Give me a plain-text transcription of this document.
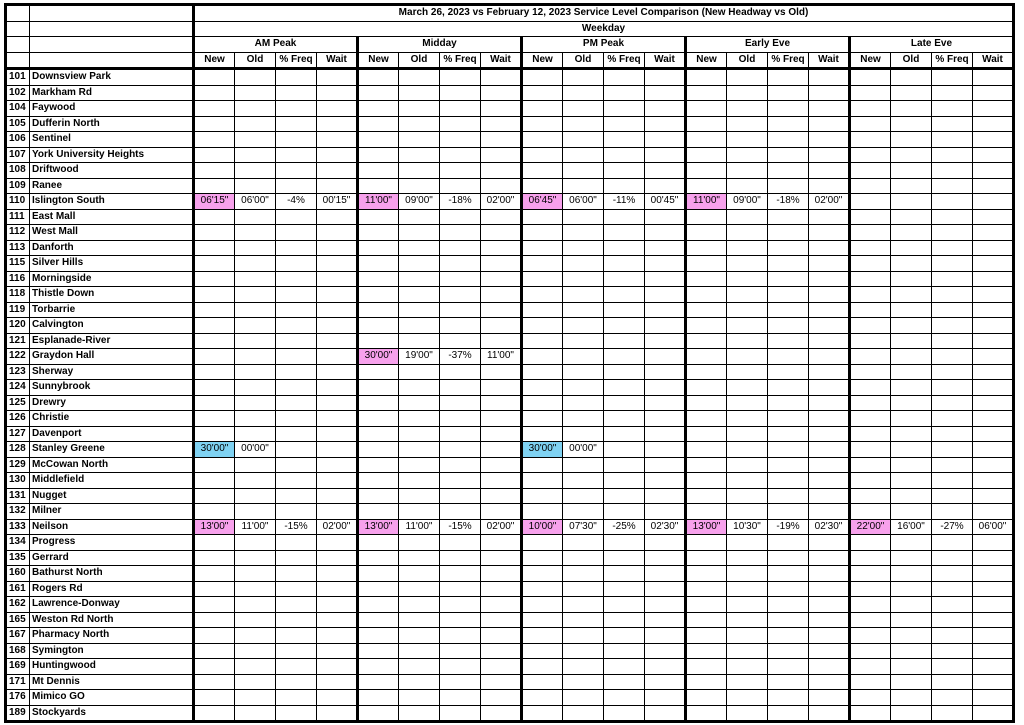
		March 26, 2023 vs February 12, 2023 Service Level Comparison (New Headway vs Old)																			
		Weekday																			
		AM Peak				Midday				PM Peak				Early Eve				Late Eve			
		New	Old	% Freq	Wait	New	Old	% Freq	Wait	New	Old	% Freq	Wait	New	Old	% Freq	Wait	New	Old	% Freq	Wait
101	Downsview Park																				
102	Markham Rd																				
104	Faywood																				
105	Dufferin North																				
106	Sentinel																				
107	York University Heights																				
108	Driftwood																				
109	Ranee																				
110	Islington South	06'15"	06'00"	-4%	00'15"	11'00"	09'00"	-18%	02'00"	06'45"	06'00"	-11%	00'45"	11'00"	09'00"	-18%	02'00"				
111	East Mall																				
112	West Mall																				
113	Danforth																				
115	Silver Hills																				
116	Morningside																				
118	Thistle Down																				
119	Torbarrie																				
120	Calvington																				
121	Esplanade-River																				
122	Graydon Hall					30'00"	19'00"	-37%	11'00"												
123	Sherway																				
124	Sunnybrook																				
125	Drewry																				
126	Christie																				
127	Davenport																				
128	Stanley Greene	30'00"	00'00"							30'00"	00'00"										
129	McCowan North																				
130	Middlefield																				
131	Nugget																				
132	Milner																				
133	Neilson	13'00"	11'00"	-15%	02'00"	13'00"	11'00"	-15%	02'00"	10'00"	07'30"	-25%	02'30"	13'00"	10'30"	-19%	02'30"	22'00"	16'00"	-27%	06'00"
134	Progress																				
135	Gerrard																				
160	Bathurst North																				
161	Rogers Rd																				
162	Lawrence-Donway																				
165	Weston Rd North																				
167	Pharmacy North																				
168	Symington																				
169	Huntingwood																				
171	Mt Dennis																				
176	Mimico GO																				
189	Stockyards																				
